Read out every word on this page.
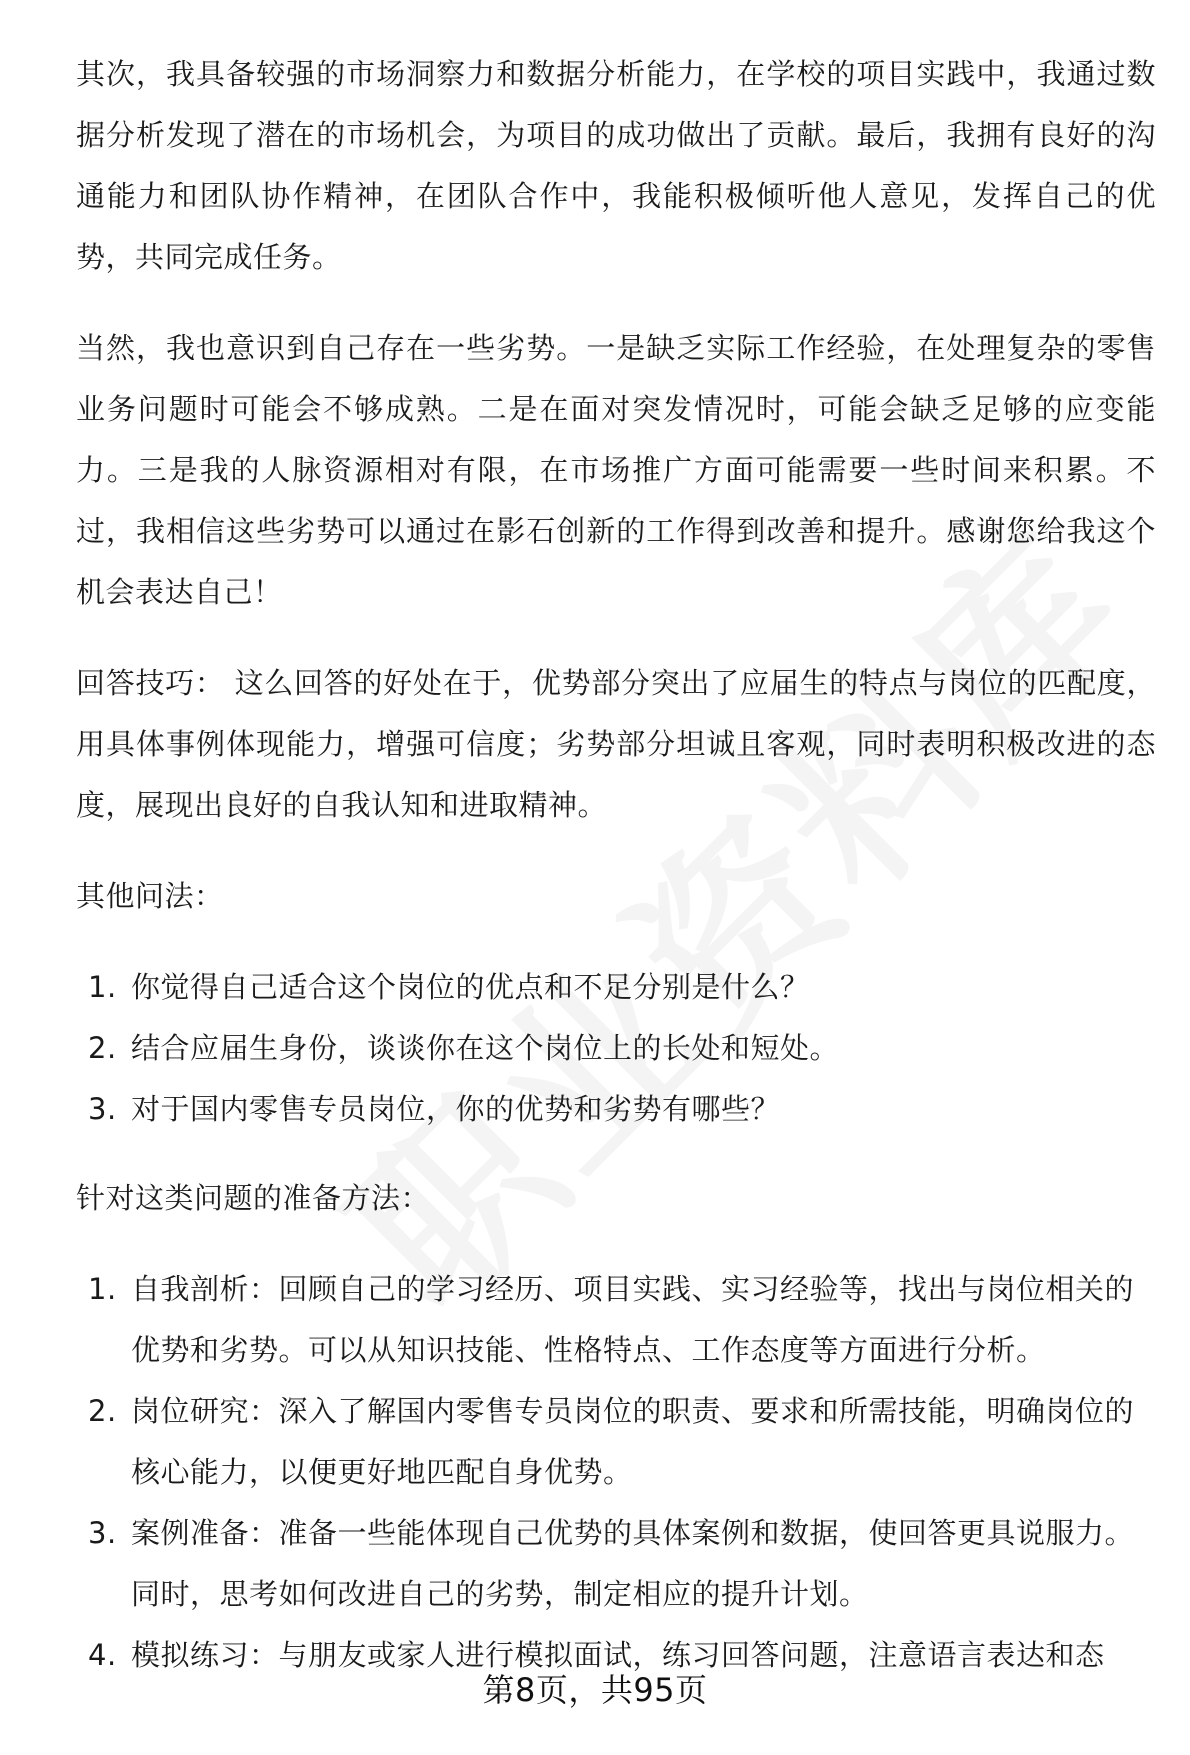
其次，我具备较强的市场洞察力和数据分析能力，在学校的项目实践中，我通过数据分析发现了潜在的市场机会，为项目的成功做出了贡献。最后，我拥有良好的沟通能力和团队协作精神，在团队合作中，我能积极倾听他人意见，发挥自己的优势，共同完成任务。

当然，我也意识到自己存在一些劣势。一是缺乏实际工作经验，在处理复杂的零售业务问题时可能会不够成熟。二是在面对突发情况时，可能会缺乏足够的应变能力。三是我的人脉资源相对有限，在市场推广方面可能需要一些时间来积累。不过，我相信这些劣势可以通过在影石创新的工作得到改善和提升。感谢您给我这个机会表达自己！

回答技巧： 这么回答的好处在于，优势部分突出了应届生的特点与岗位的匹配度，用具体事例体现能力，增强可信度；劣势部分坦诚且客观，同时表明积极改进的态度，展现出良好的自我认知和进取精神。

其他问法：

1. 你觉得自己适合这个岗位的优点和不足分别是什么？
2. 结合应届生身份，谈谈你在这个岗位上的长处和短处。
3. 对于国内零售专员岗位，你的优势和劣势有哪些？

针对这类问题的准备方法：

1. 自我剖析：回顾自己的学习经历、项目实践、实习经验等，找出与岗位相关的优势和劣势。可以从知识技能、性格特点、工作态度等方面进行分析。
2. 岗位研究：深入了解国内零售专员岗位的职责、要求和所需技能，明确岗位的核心能力，以便更好地匹配自身优势。
3. 案例准备：准备一些能体现自己优势的具体案例和数据，使回答更具说服力。同时，思考如何改进自己的劣势，制定相应的提升计划。
4. 模拟练习：与朋友或家人进行模拟面试，练习回答问题，注意语言表达和态
第8页，共95页
